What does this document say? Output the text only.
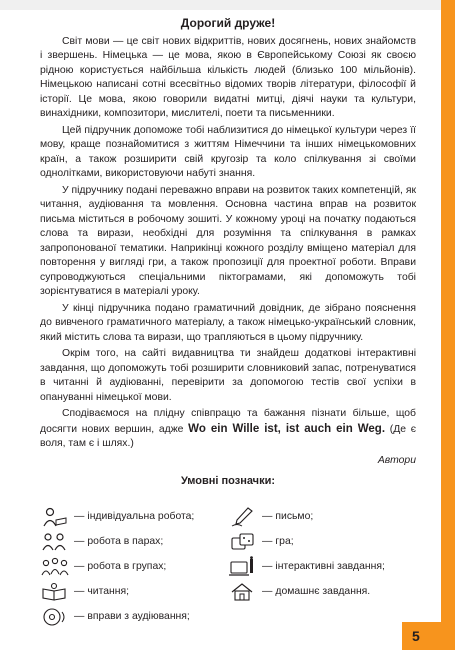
5
Дорогий друже!

Світ мови — це світ нових відкриттів, нових досягнень, нових знайомств і звершень. Німецька — це мова, якою в Європейському Союзі як своєю рідною користується найбільша кількість людей (близько 100 мільйонів). Німецькою написані сотні всесвітньо відомих творів літератури, філософії й історії. Це мова, якою говорили видатні митці, діячі науки та культури, винахідники, композитори, мислителі, поети та письменники.

Цей підручник допоможе тобі наблизитися до німецької культури через її мову, краще познайомитися з життям Німеччини та інших німецькомовних країн, а також розширити свій кругозір та коло спілкування зі своїми однолітками, використовуючи набуті знання.

У підручнику подані переважно вправи на розвиток таких компетенцій, як читання, аудіювання та мовлення. Основна частина вправ на розвиток письма міститься в робочому зошиті. У кожному уроці на початку подаються слова та вирази, необхідні для розуміння та спілкування в рамках запропонованої тематики. Наприкінці кожного розділу вміщено матеріал для повторення у вигляді гри, а також пропозиції для проектної роботи. Вправи супроводжуються спеціальними піктограмами, які допоможуть тобі зорієнтуватися в матеріалі уроку.

У кінці підручника подано граматичний довідник, де зібрано пояснення до вивченого граматичного матеріалу, а також німецько-український словник, який містить слова та вирази, що трапляються в цьому підручнику.

Окрім того, на сайті видавництва ти знайдеш додаткові інтерактивні завдання, що допоможуть тобі розширити словниковий запас, потренуватися в читанні й аудіюванні, перевірити за допомогою тестів свої успіхи в опануванні німецької мови.

Сподіваємося на плідну співпрацю та бажання пізнати більше, щоб досягти нових вершин, адже Wo ein Wille ist, ist auch ein Weg. (Де є воля, там є і шлях.)

Автори
Умовні позначки:
— індивідуальна робота;
— робота в парах;
— робота в групах;
— читання;
— вправи з аудіювання;
— письмо;
— гра;
— інтерактивні завдання;
— домашнє завдання.
